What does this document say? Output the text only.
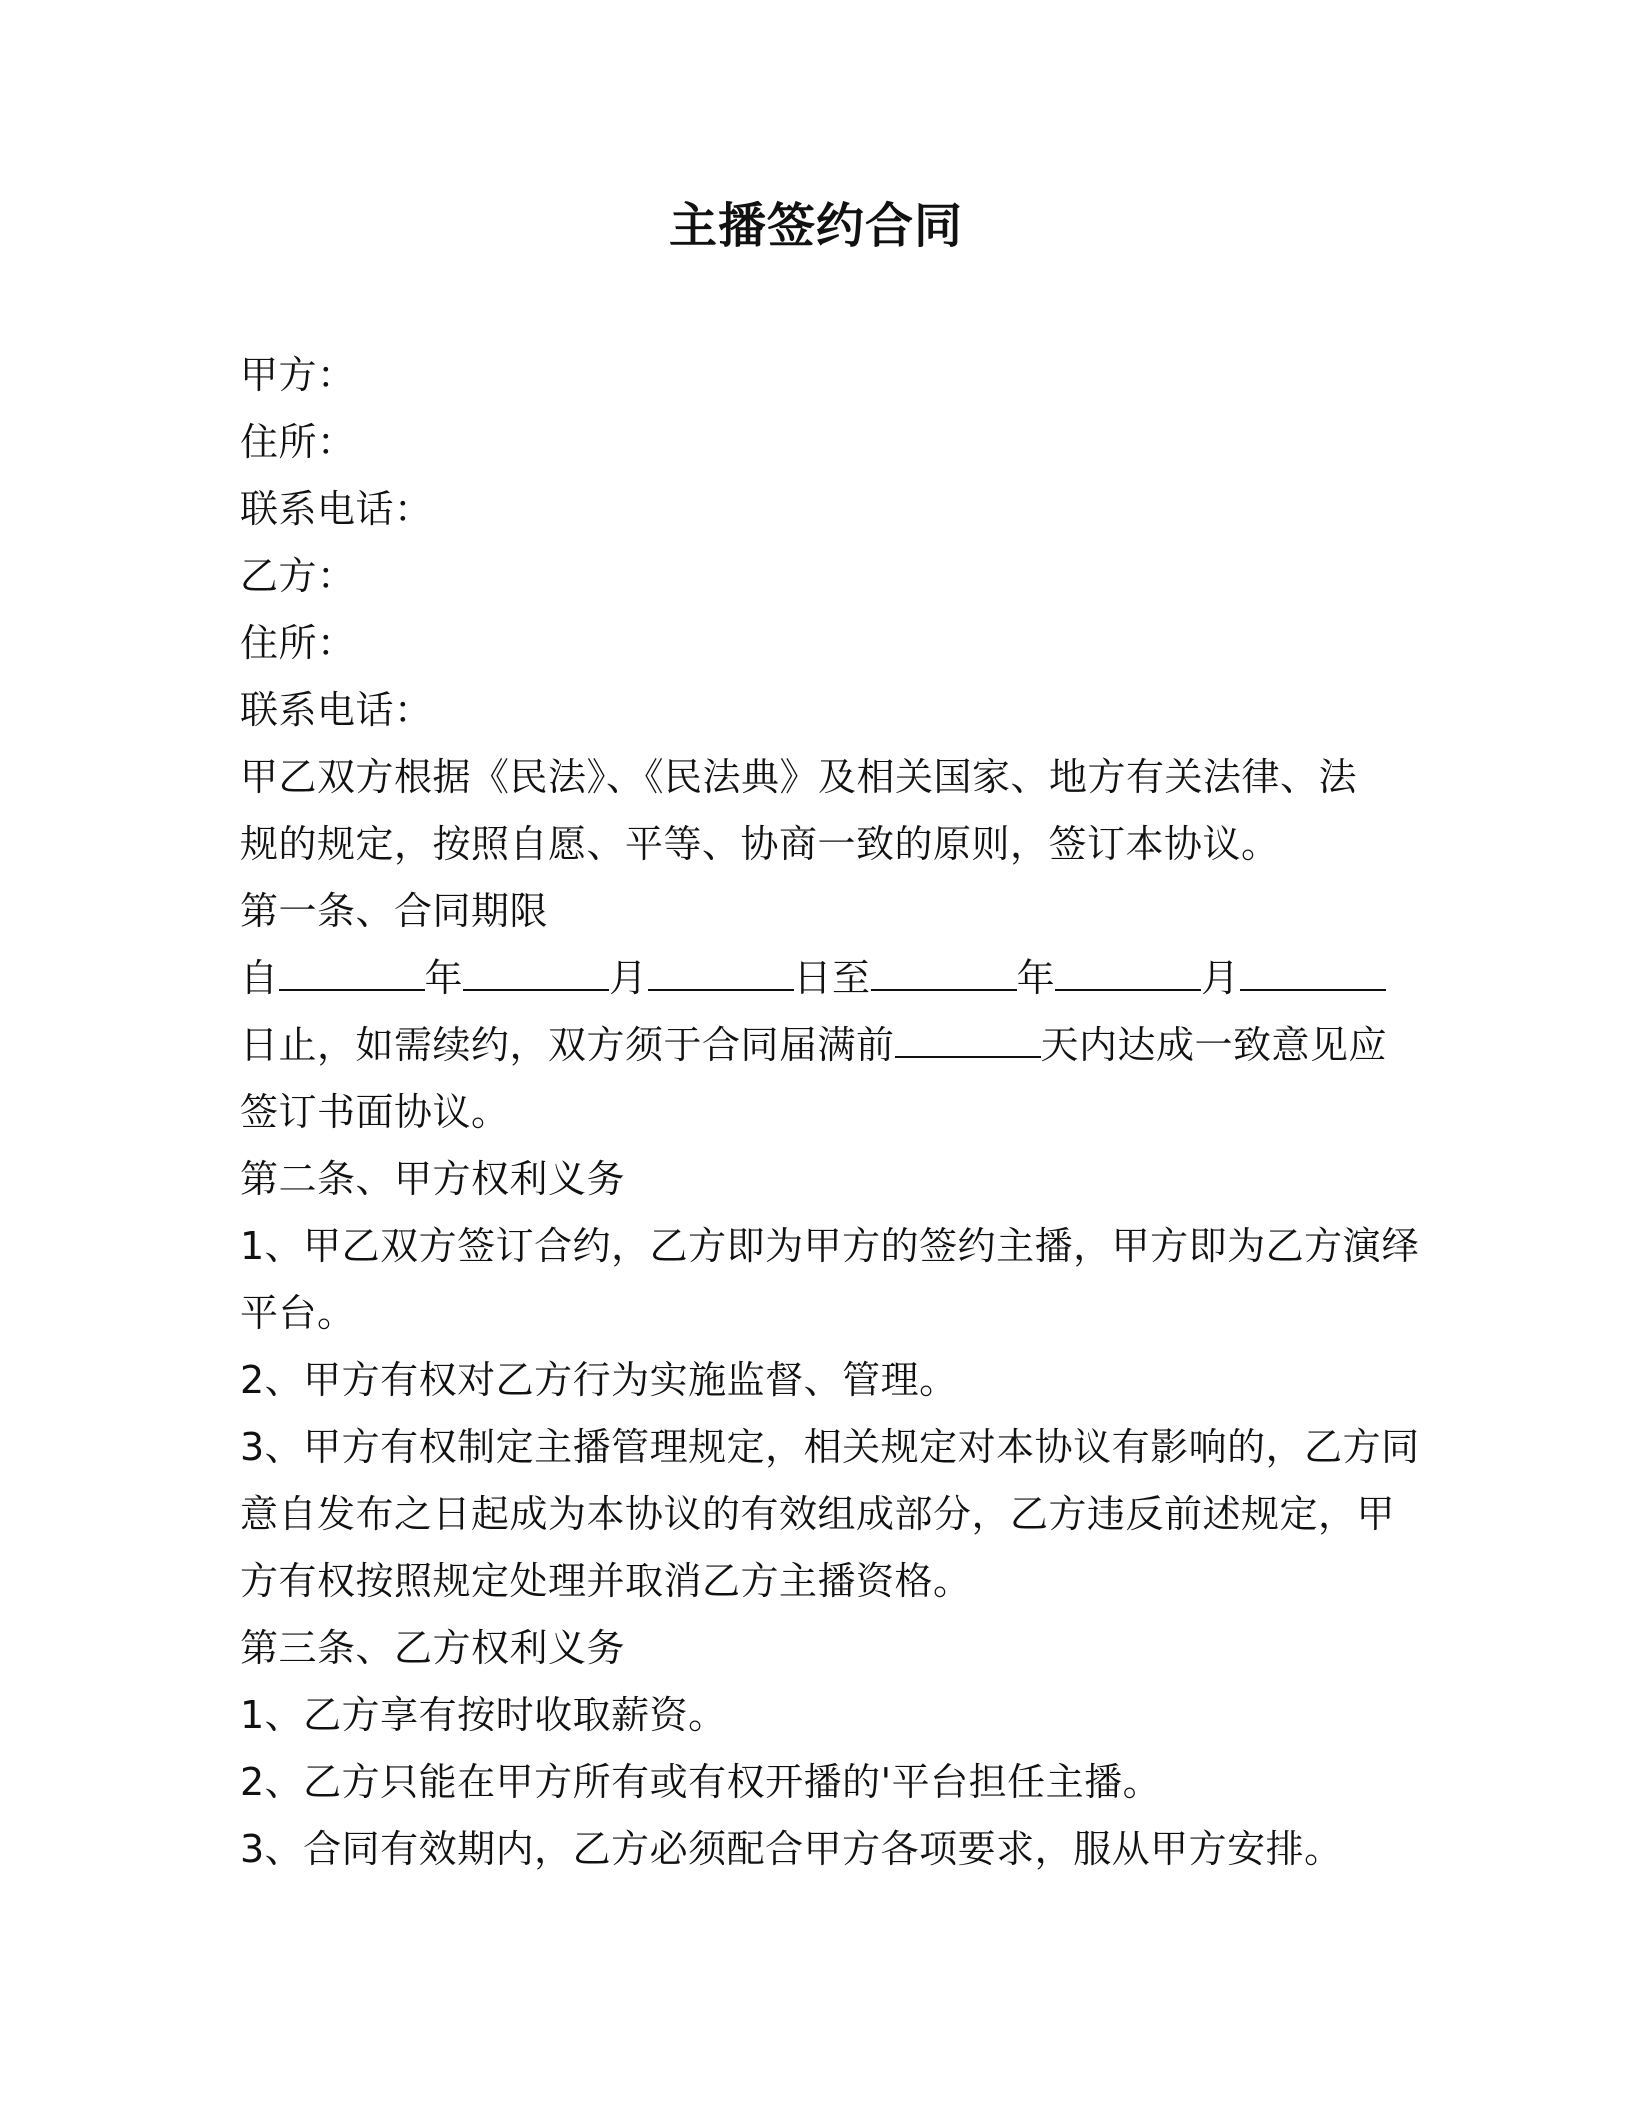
主播签约合同
甲方：
住所：
联系电话：
乙方：
住所：
联系电话：
甲乙双方根据《民法》、《民法典》及相关国家、地方有关法律、法
规的规定，按照自愿、平等、协商一致的原则，签订本协议。
第一条、合同期限
自	年	月	日至	年	月
日止，如需续约，双方须于合同届满前	天内达成一致意见应
签订书面协议。
第二条、甲方权利义务
1、甲乙双方签订合约，乙方即为甲方的签约主播，甲方即为乙方演绎
平台。
2、甲方有权对乙方行为实施监督、管理。
3、甲方有权制定主播管理规定，相关规定对本协议有影响的，乙方同
意自发布之日起成为本协议的有效组成部分，乙方违反前述规定，甲
方有权按照规定处理并取消乙方主播资格。
第三条、乙方权利义务
1、乙方享有按时收取薪资。
2、乙方只能在甲方所有或有权开播的'平台担任主播。
3、合同有效期内，乙方必须配合甲方各项要求，服从甲方安排。
